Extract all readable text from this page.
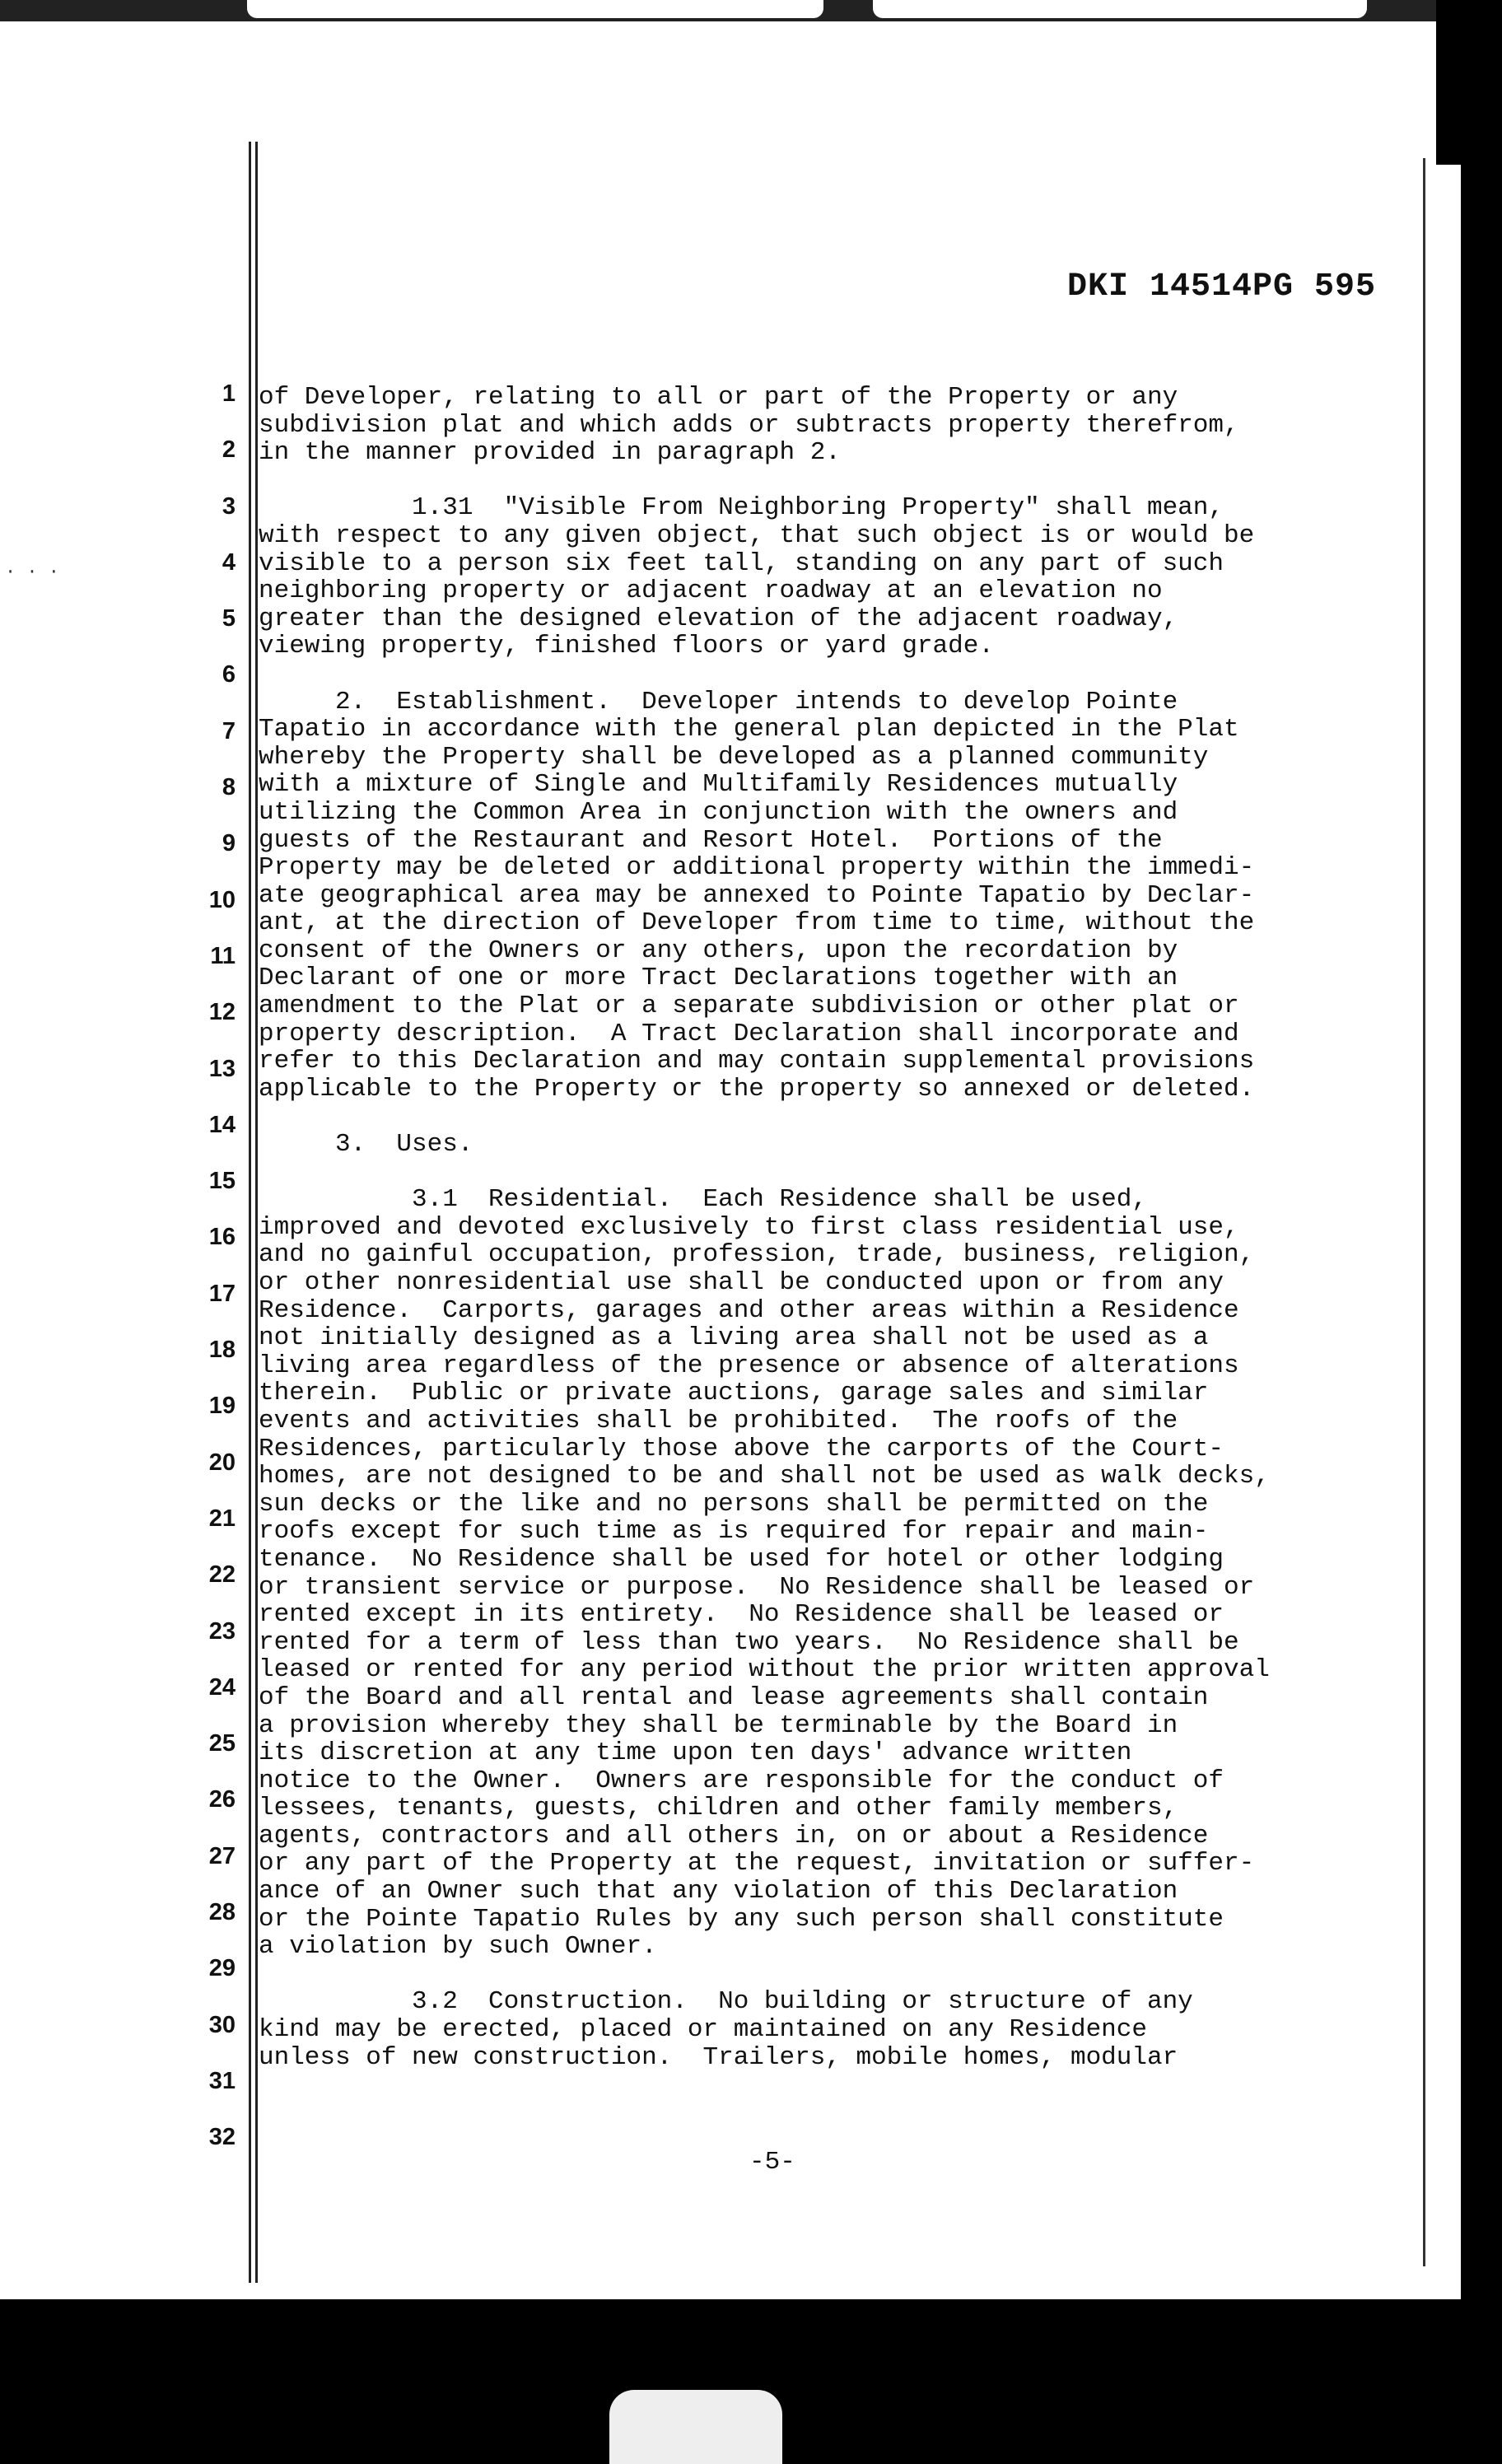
· · ·
DKI 14514PG 595
1
2
3
4
5
6
7
8
9
10
11
12
13
14
15
16
17
18
19
20
21
22
23
24
25
26
27
28
29
30
31
32

of Developer, relating to all or part of the Property or any

subdivision plat and which adds or subtracts property therefrom,

in the manner provided in paragraph 2.

1.31  "Visible From Neighboring Property" shall mean,

with respect to any given object, that such object is or would be

visible to a person six feet tall, standing on any part of such

neighboring property or adjacent roadway at an elevation no

greater than the designed elevation of the adjacent roadway,

viewing property, finished floors or yard grade.

2.  Establishment.  Developer intends to develop Pointe

Tapatio in accordance with the general plan depicted in the Plat

whereby the Property shall be developed as a planned community

with a mixture of Single and Multifamily Residences mutually

utilizing the Common Area in conjunction with the owners and

guests of the Restaurant and Resort Hotel.  Portions of the

Property may be deleted or additional property within the immedi-

ate geographical area may be annexed to Pointe Tapatio by Declar-

ant, at the direction of Developer from time to time, without the

consent of the Owners or any others, upon the recordation by

Declarant of one or more Tract Declarations together with an

amendment to the Plat or a separate subdivision or other plat or

property description.  A Tract Declaration shall incorporate and

refer to this Declaration and may contain supplemental provisions

applicable to the Property or the property so annexed or deleted.

3.  Uses.

3.1  Residential.  Each Residence shall be used,

improved and devoted exclusively to first class residential use,

and no gainful occupation, profession, trade, business, religion,

or other nonresidential use shall be conducted upon or from any

Residence.  Carports, garages and other areas within a Residence

not initially designed as a living area shall not be used as a

living area regardless of the presence or absence of alterations

therein.  Public or private auctions, garage sales and similar

events and activities shall be prohibited.  The roofs of the

Residences, particularly those above the carports of the Court-

homes, are not designed to be and shall not be used as walk decks,

sun decks or the like and no persons shall be permitted on the

roofs except for such time as is required for repair and main-

tenance.  No Residence shall be used for hotel or other lodging

or transient service or purpose.  No Residence shall be leased or

rented except in its entirety.  No Residence shall be leased or

rented for a term of less than two years.  No Residence shall be

leased or rented for any period without the prior written approval

of the Board and all rental and lease agreements shall contain

a provision whereby they shall be terminable by the Board in

its discretion at any time upon ten days' advance written

notice to the Owner.  Owners are responsible for the conduct of

lessees, tenants, guests, children and other family members,

agents, contractors and all others in, on or about a Residence

or any part of the Property at the request, invitation or suffer-

ance of an Owner such that any violation of this Declaration

or the Pointe Tapatio Rules by any such person shall constitute

a violation by such Owner.

3.2  Construction.  No building or structure of any

kind may be erected, placed or maintained on any Residence

unless of new construction.  Trailers, mobile homes, modular

-5-
